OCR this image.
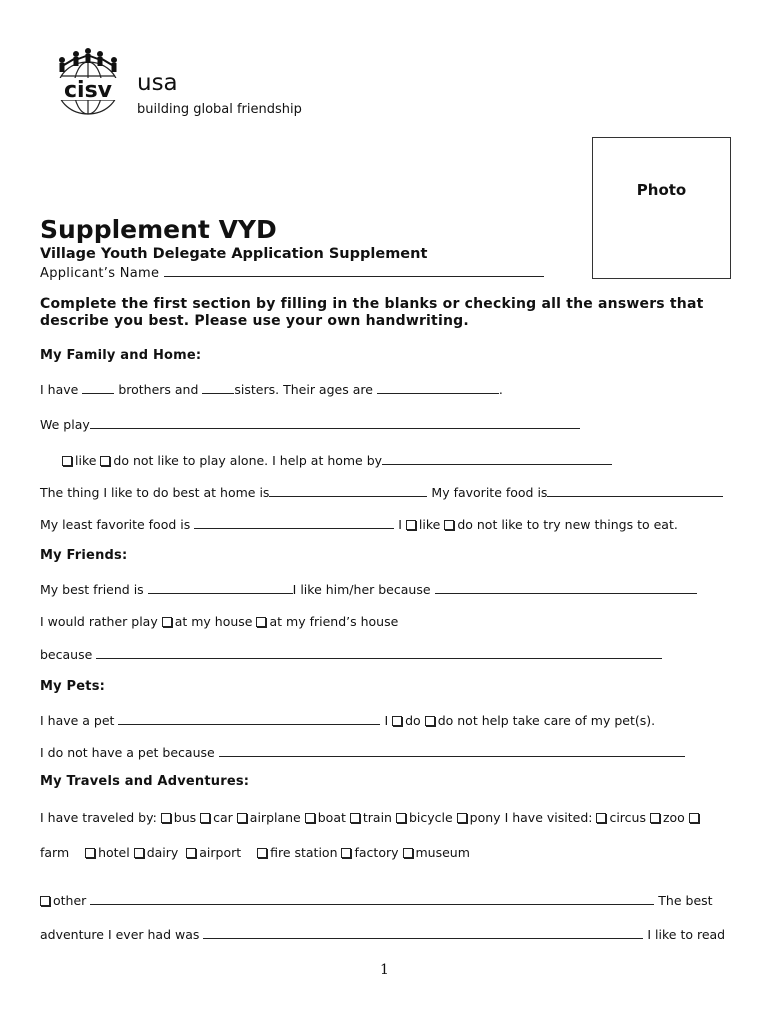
cisv usa
building global friendship
Photo
Supplement VYD
Village Youth Delegate Application Supplement
Applicant’s Name
Complete the first section by filling in the blanks or checking all the answers that describe you best. Please use your own handwriting.
My Family and Home:
I have	brothers and	sisters. Their ages are	.
We play
like do not like to play alone. I help at home by
The thing I like to do best at home is	My favorite food is
My least favorite food is	I like do not like to try new things to eat.
My Friends:
My best friend is	I like him/her because
I would rather play at my house at my friend’s house
because
My Pets:
I have a pet	I do do not help take care of my pet(s).
I do not have a pet because
My Travels and Adventures:
I have traveled by: bus car airplane boat train bicycle pony I have visited: circus zoo
farm hotel dairy airport fire station factory museum
other	The best
adventure I ever had was	I like to read
1
